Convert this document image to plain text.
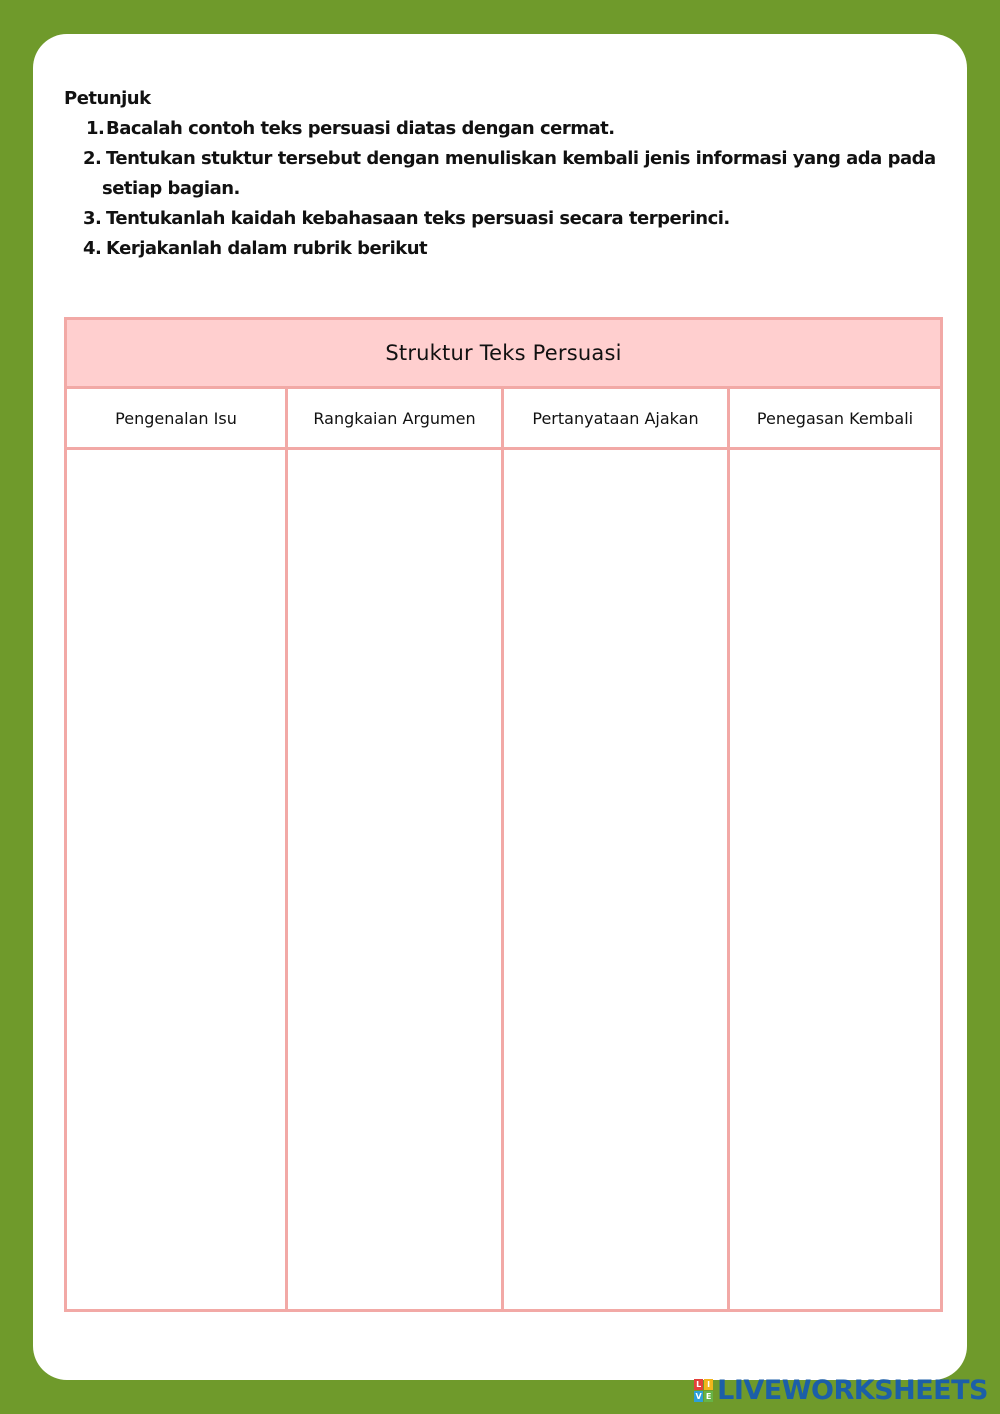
Petunjuk
1. Bacalah contoh teks persuasi diatas dengan cermat.
2. Tentukan stuktur tersebut dengan menuliskan kembali jenis informasi yang ada pada
setiap bagian.
3. Tentukanlah kaidah kebahasaan teks persuasi secara terperinci.
4. Kerjakanlah dalam rubrik berikut
Struktur Teks Persuasi			
Pengenalan Isu	Rangkaian Argumen	Pertanyataan Ajakan	Penegasan Kembali

L I
V E LIVEWORKSHEETS
